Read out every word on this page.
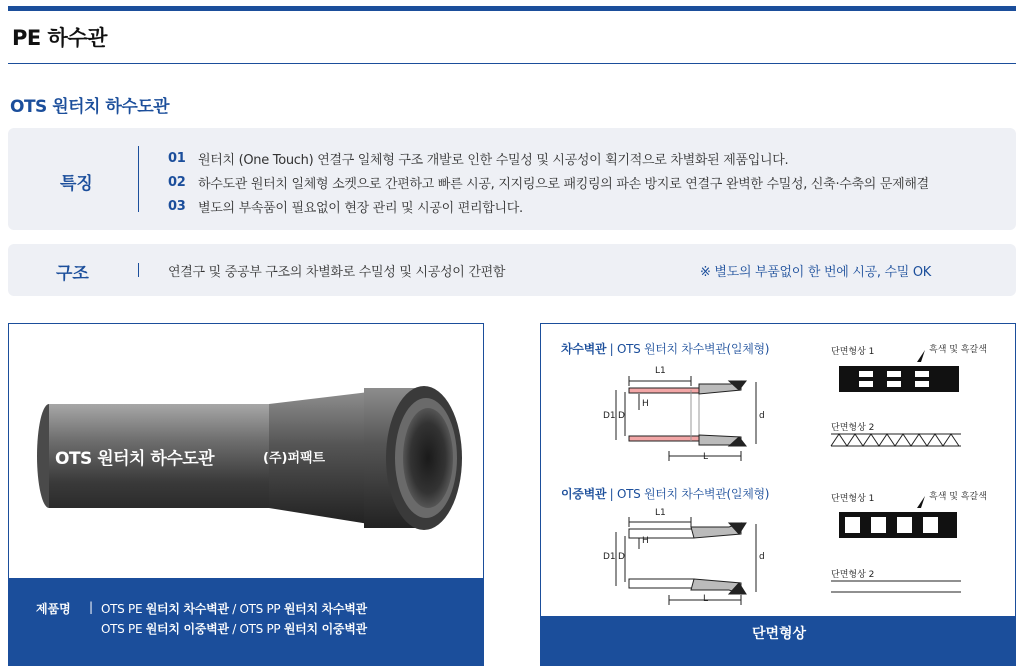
PE 하수관
OTS 원터치 하수도관
특징
01 원터치 (One Touch) 연결구 일체형 구조 개발로 인한 수밀성 및 시공성이 획기적으로 차별화된 제품입니다.
02 하수도관 원터치 일체형 소켓으로 간편하고 빠른 시공, 지지링으로 패킹링의 파손 방지로 연결구 완벽한 수밀성, 신축·수축의 문제해결
03 별도의 부속품이 필요없이 현장 관리 및 시공이 편리합니다.
구조	연결구 및 중공부 구조의 차별화로 수밀성 및 시공성이 간편함	※ 별도의 부품없이 한 번에 시공, 수밀 OK
OTS 원터치 하수도관	(주)퍼팩트
제품명 | OTS PE 원터치 차수벽관 / OTS PP 원터치 차수벽관
OTS PE 원터치 이중벽관 / OTS PP 원터치 이중벽관
차수벽관 | OTS 원터치 차수벽관(일체형)
이중벽관 | OTS 원터치 차수벽관(일체형)
L1
H
D1 D	d
L
L1
H
D1 D	d
L
단면형상 1	흑색 및 흑갈색
단면형상 2
단면형상 1	흑색 및 흑갈색
단면형상 2
단면형상
